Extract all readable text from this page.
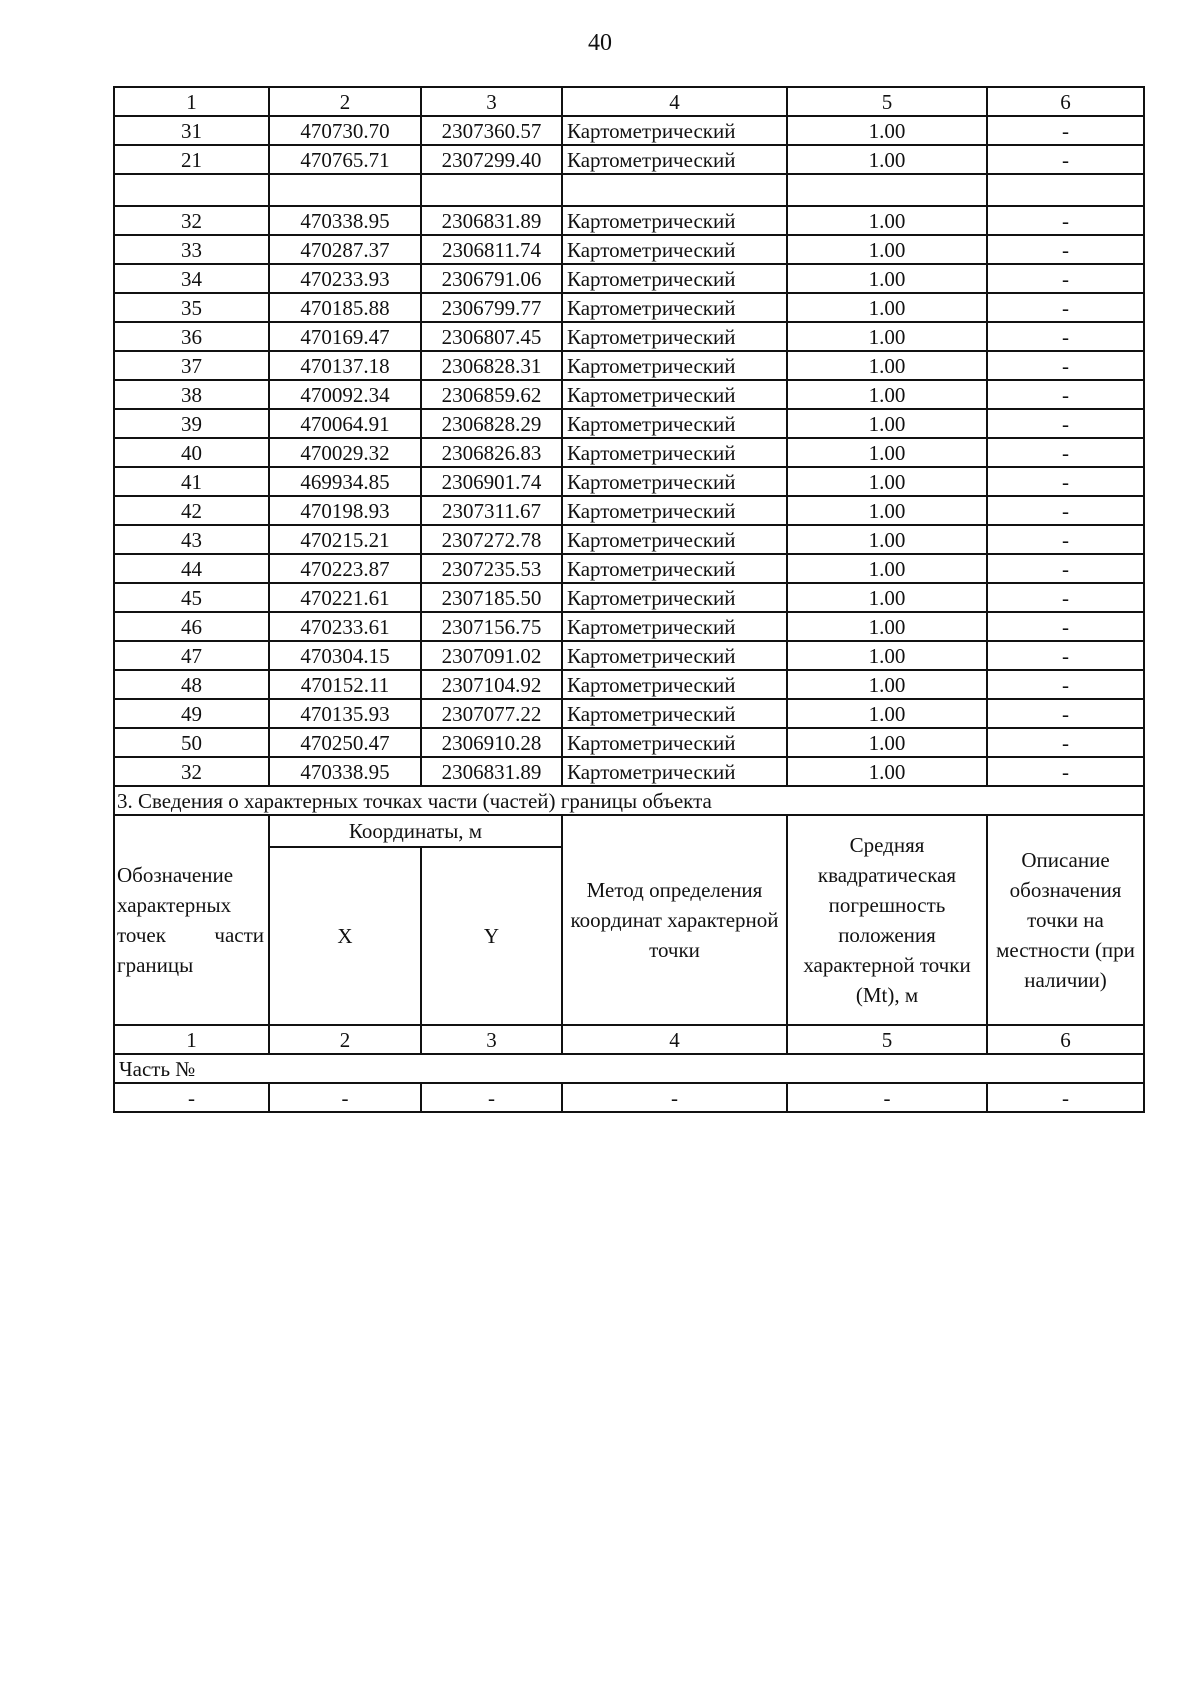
40
1	2	3	4	5	6
31	470730.70	2307360.57	Картометрический	1.00	-
21	470765.71	2307299.40	Картометрический	1.00	-

32	470338.95	2306831.89	Картометрический	1.00	-
33	470287.37	2306811.74	Картометрический	1.00	-
34	470233.93	2306791.06	Картометрический	1.00	-
35	470185.88	2306799.77	Картометрический	1.00	-
36	470169.47	2306807.45	Картометрический	1.00	-
37	470137.18	2306828.31	Картометрический	1.00	-
38	470092.34	2306859.62	Картометрический	1.00	-
39	470064.91	2306828.29	Картометрический	1.00	-
40	470029.32	2306826.83	Картометрический	1.00	-
41	469934.85	2306901.74	Картометрический	1.00	-
42	470198.93	2307311.67	Картометрический	1.00	-
43	470215.21	2307272.78	Картометрический	1.00	-
44	470223.87	2307235.53	Картометрический	1.00	-
45	470221.61	2307185.50	Картометрический	1.00	-
46	470233.61	2307156.75	Картометрический	1.00	-
47	470304.15	2307091.02	Картометрический	1.00	-
48	470152.11	2307104.92	Картометрический	1.00	-
49	470135.93	2307077.22	Картометрический	1.00	-
50	470250.47	2306910.28	Картометрический	1.00	-
32	470338.95	2306831.89	Картометрический	1.00	-
3. Сведения о характерных точках части (частей) границы объекта					
Обозначение характерных точек части границы	Координаты, м		Метод определения координат характерной точки	Средняя квадратическая погрешность положения характерной точки (Mt), м	Описание обозначения точки на местности (при наличии)
	X	Y			
1	2	3	4	5	6
Часть №					
-	-	-	-	-	-
